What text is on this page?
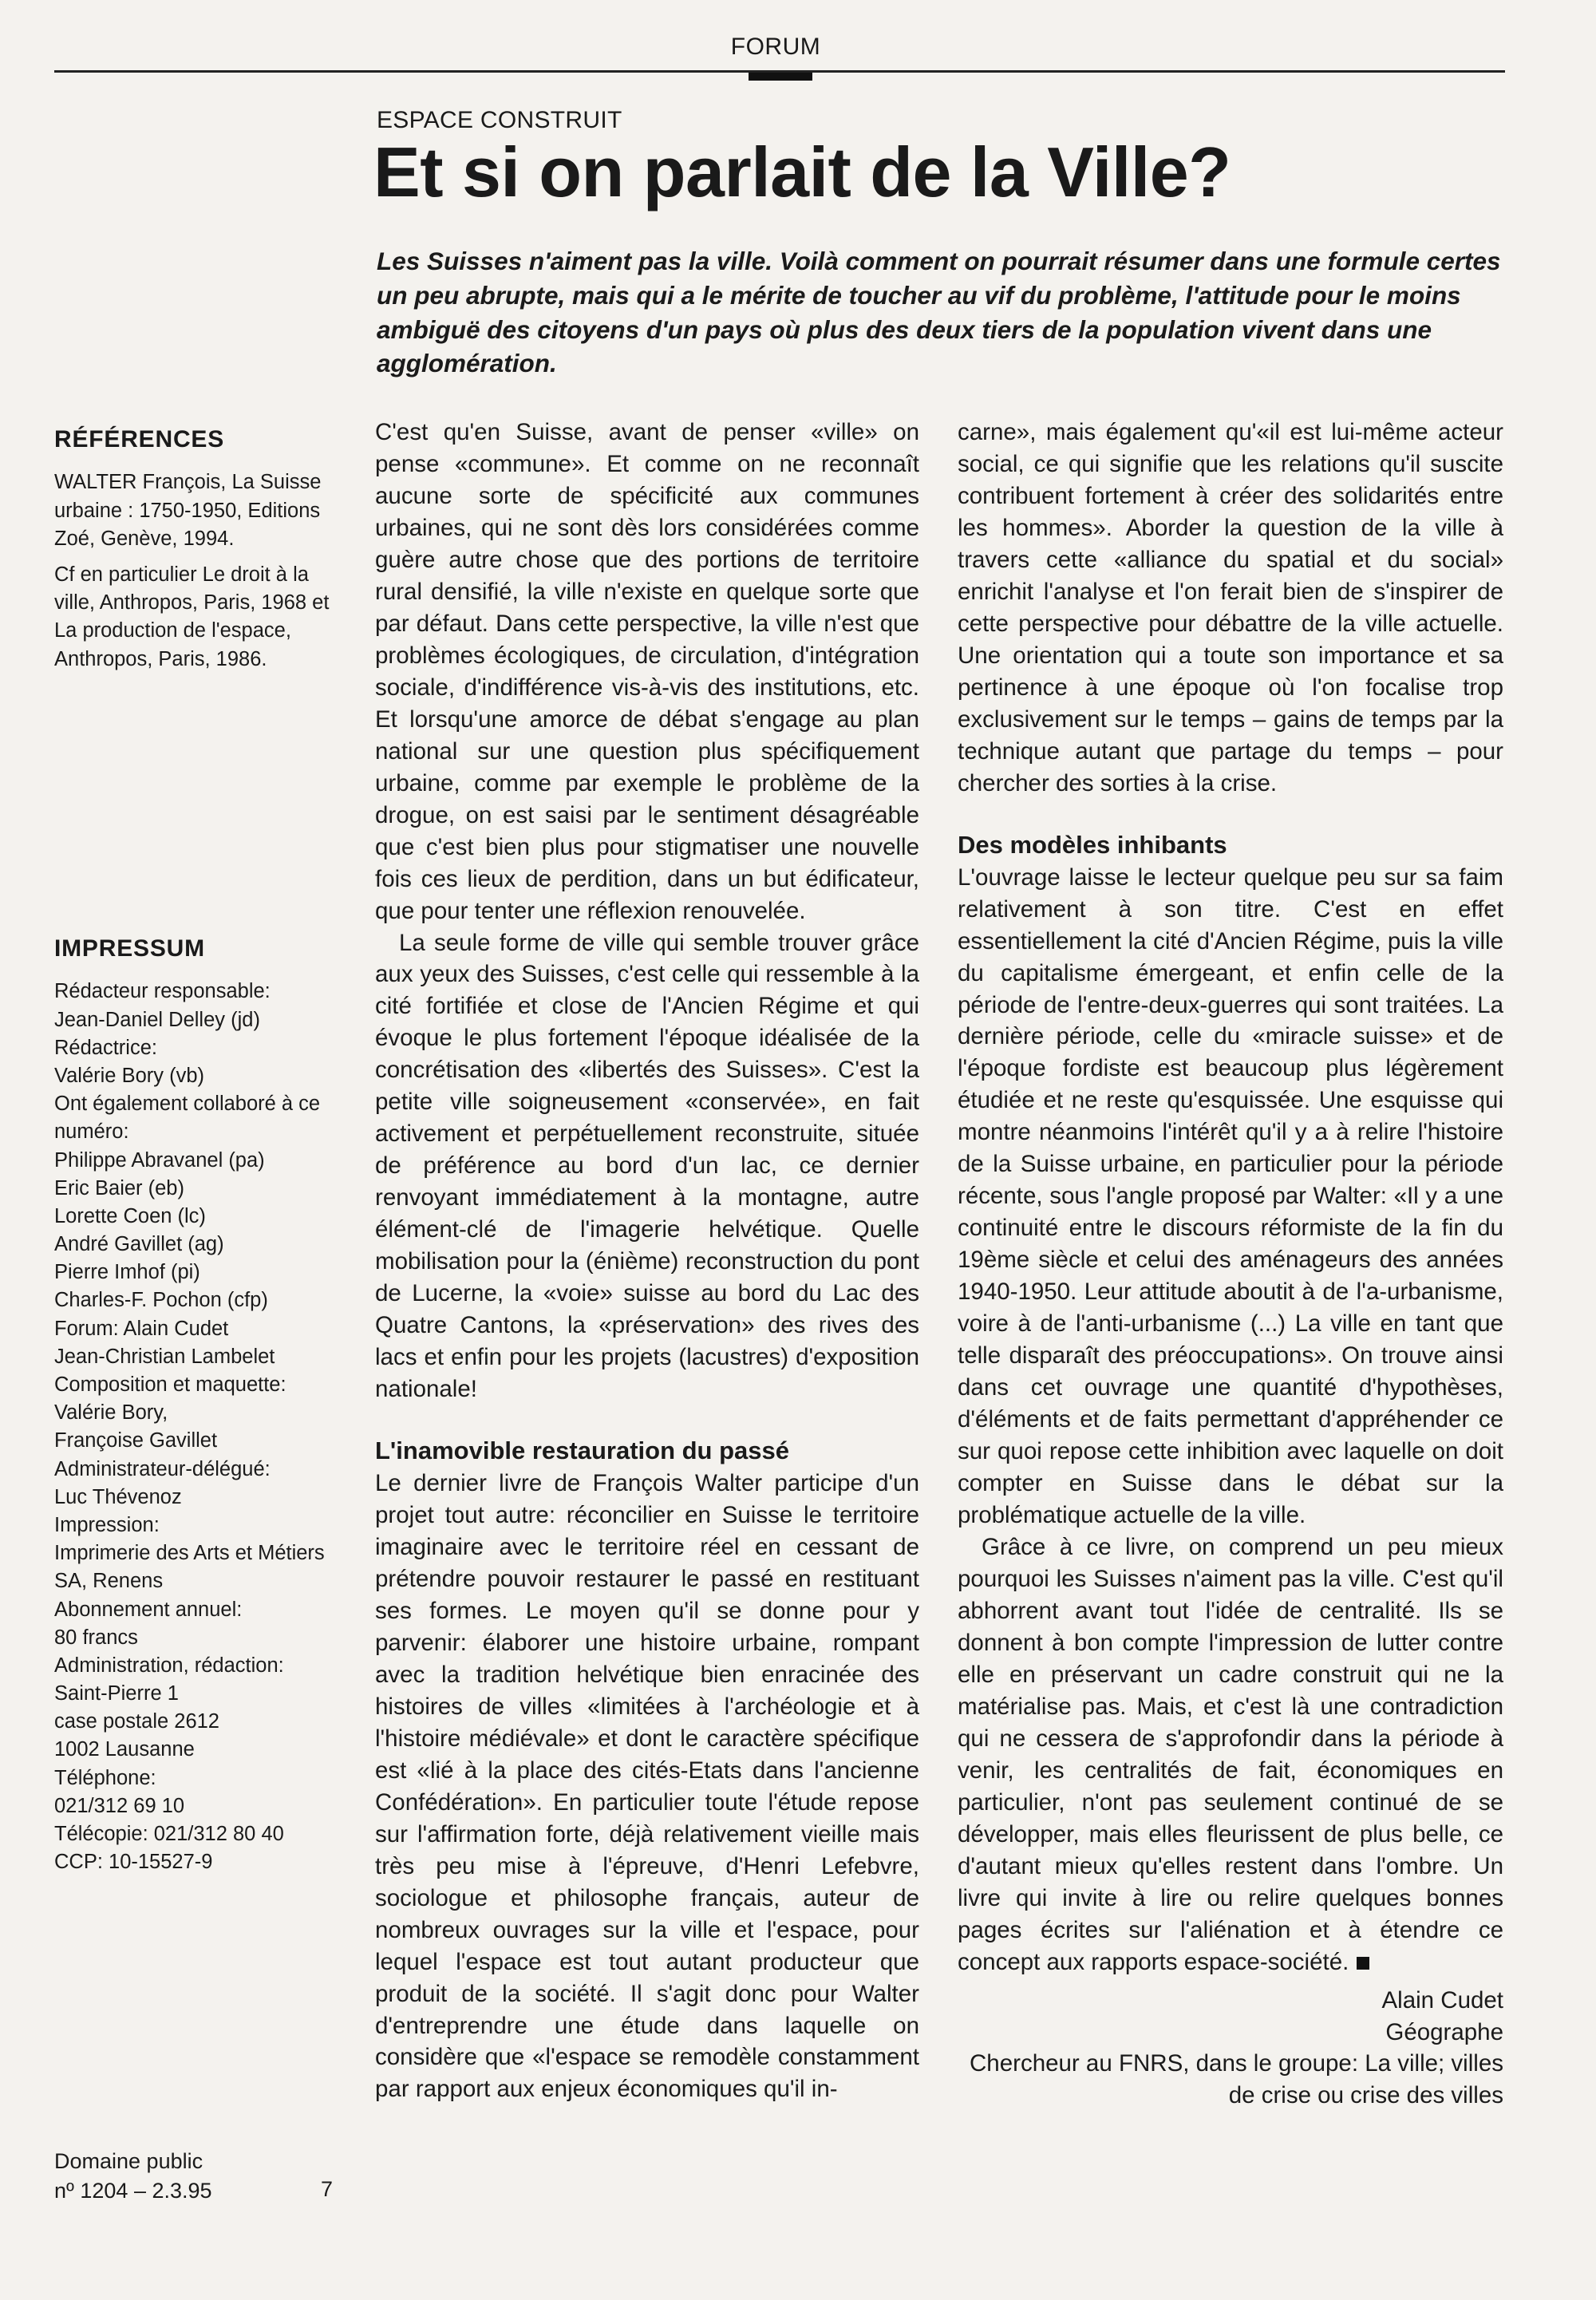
FORUM
ESPACE CONSTRUIT
Et si on parlait de la Ville?

Les Suisses n'aiment pas la ville. Voilà comment on pourrait résumer dans une formule certes un peu abrupte, mais qui a le mérite de toucher au vif du problème, l'attitude pour le moins ambiguë des citoyens d'un pays où plus des deux tiers de la population vivent dans une agglomération.

RÉFÉRENCES

WALTER François, La Suisse urbaine : 1750-1950, Editions Zoé, Genève, 1994.

Cf en particulier Le droit à la ville, Anthropos, Paris, 1968 et La production de l'espace, Anthropos, Paris, 1986.

IMPRESSUM
Rédacteur responsable:
Jean-Daniel Delley (jd)
Rédactrice:
Valérie Bory (vb)
Ont également collaboré à ce numéro:
Philippe Abravanel (pa)
Eric Baier (eb)
Lorette Coen (lc)
André Gavillet (ag)
Pierre Imhof (pi)
Charles-F. Pochon (cfp)
Forum: Alain Cudet
Jean-Christian Lambelet
Composition et maquette:
Valérie Bory,
Françoise Gavillet
Administrateur-délégué:
Luc Thévenoz
Impression:
Imprimerie des Arts et Métiers SA, Renens
Abonnement annuel:
80 francs
Administration, rédaction:
Saint-Pierre 1
case postale 2612
1002 Lausanne
Téléphone:
021/312 69 10
Télécopie: 021/312 80 40
CCP: 10-15527-9
Domaine public
nº 1204 – 2.3.95	7

C'est qu'en Suisse, avant de penser «ville» on pense «commune». Et comme on ne reconnaît aucune sorte de spécificité aux communes urbaines, qui ne sont dès lors considérées comme guère autre chose que des portions de territoire rural densifié, la ville n'existe en quelque sorte que par défaut. Dans cette perspective, la ville n'est que problèmes écologiques, de circulation, d'intégration sociale, d'indifférence vis-à-vis des institutions, etc. Et lorsqu'une amorce de débat s'engage au plan national sur une question plus spécifiquement urbaine, comme par exemple le problème de la drogue, on est saisi par le sentiment désagréable que c'est bien plus pour stigmatiser une nouvelle fois ces lieux de perdition, dans un but édificateur, que pour tenter une réflexion renouvelée.

La seule forme de ville qui semble trouver grâce aux yeux des Suisses, c'est celle qui ressemble à la cité fortifiée et close de l'Ancien Régime et qui évoque le plus fortement l'époque idéalisée de la concrétisation des «libertés des Suisses». C'est la petite ville soigneusement «conservée», en fait activement et perpétuellement reconstruite, située de préférence au bord d'un lac, ce dernier renvoyant immédiatement à la montagne, autre élément-clé de l'imagerie helvétique. Quelle mobilisation pour la (énième) reconstruction du pont de Lucerne, la «voie» suisse au bord du Lac des Quatre Cantons, la «préservation» des rives des lacs et enfin pour les projets (lacustres) d'exposition nationale!

L'inamovible restauration du passé

Le dernier livre de François Walter participe d'un projet tout autre: réconcilier en Suisse le territoire imaginaire avec le territoire réel en cessant de prétendre pouvoir restaurer le passé en restituant ses formes. Le moyen qu'il se donne pour y parvenir: élaborer une histoire urbaine, rompant avec la tradition helvétique bien enracinée des histoires de villes «limitées à l'archéologie et à l'histoire médiévale» et dont le caractère spécifique est «lié à la place des cités-Etats dans l'ancienne Confédération». En particulier toute l'étude repose sur l'affirmation forte, déjà relativement vieille mais très peu mise à l'épreuve, d'Henri Lefebvre, sociologue et philosophe français, auteur de nombreux ouvrages sur la ville et l'espace, pour lequel l'espace est tout autant producteur que produit de la société. Il s'agit donc pour Walter d'entreprendre une étude dans laquelle on considère que «l'espace se remodèle constamment par rapport aux enjeux économiques qu'il in-

carne», mais également qu'«il est lui-même acteur social, ce qui signifie que les relations qu'il suscite contribuent fortement à créer des solidarités entre les hommes». Aborder la question de la ville à travers cette «alliance du spatial et du social» enrichit l'analyse et l'on ferait bien de s'inspirer de cette perspective pour débattre de la ville actuelle. Une orientation qui a toute son importance et sa pertinence à une époque où l'on focalise trop exclusivement sur le temps – gains de temps par la technique autant que partage du temps – pour chercher des sorties à la crise.

Des modèles inhibants

L'ouvrage laisse le lecteur quelque peu sur sa faim relativement à son titre. C'est en effet essentiellement la cité d'Ancien Régime, puis la ville du capitalisme émergeant, et enfin celle de la période de l'entre-deux-guerres qui sont traitées. La dernière période, celle du «miracle suisse» et de l'époque fordiste est beaucoup plus légèrement étudiée et ne reste qu'esquissée. Une esquisse qui montre néanmoins l'intérêt qu'il y a à relire l'histoire de la Suisse urbaine, en particulier pour la période récente, sous l'angle proposé par Walter: «Il y a une continuité entre le discours réformiste de la fin du 19ème siècle et celui des aménageurs des années 1940-1950. Leur attitude aboutit à de l'a-urbanisme, voire à de l'anti-urbanisme (...) La ville en tant que telle disparaît des préoccupations». On trouve ainsi dans cet ouvrage une quantité d'hypothèses, d'éléments et de faits permettant d'appréhender ce sur quoi repose cette inhibition avec laquelle on doit compter en Suisse dans le débat sur la problématique actuelle de la ville.

Grâce à ce livre, on comprend un peu mieux pourquoi les Suisses n'aiment pas la ville. C'est qu'il abhorrent avant tout l'idée de centralité. Ils se donnent à bon compte l'impression de lutter contre elle en préservant un cadre construit qui ne la matérialise pas. Mais, et c'est là une contradiction qui ne cessera de s'approfondir dans la période à venir, les centralités de fait, économiques en particulier, n'ont pas seulement continué de se développer, mais elles fleurissent de plus belle, ce d'autant mieux qu'elles restent dans l'ombre. Un livre qui invite à lire ou relire quelques bonnes pages écrites sur l'aliénation et à étendre ce concept aux rapports espace-société.

Alain Cudet
Géographe
Chercheur au FNRS, dans le groupe: La ville; villes de crise ou crise des villes
